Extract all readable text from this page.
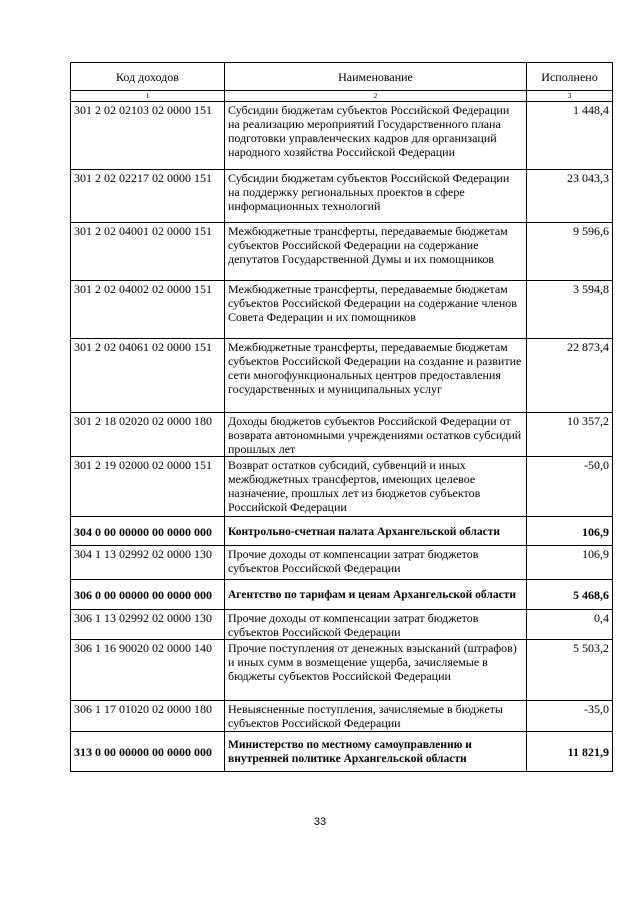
Код доходов	Наименование	Исполнено
1	2	3
301 2 02 02103 02 0000 151	Субсидии бюджетам субъектов Российской Федерации на реализацию мероприятий Государственного плана подготовки управленческих кадров для организаций народного хозяйства Российской Федерации	1 448,4
301 2 02 02217 02 0000 151	Субсидии бюджетам субъектов Российской Федерации на поддержку региональных проектов в сфере информационных технологий	23 043,3
301 2 02 04001 02 0000 151	Межбюджетные трансферты, передаваемые бюджетам субъектов Российской Федерации на содержание депутатов Государственной Думы и их помощников	9 596,6
301 2 02 04002 02 0000 151	Межбюджетные трансферты, передаваемые бюджетам субъектов Российской Федерации на содержание членов Совета Федерации и их помощников	3 594,8
301 2 02 04061 02 0000 151	Межбюджетные трансферты, передаваемые бюджетам субъектов Российской Федерации на создание и развитие сети многофункциональных центров предоставления государственных и муниципальных услуг	22 873,4
301 2 18 02020 02 0000 180	Доходы бюджетов субъектов Российской Федерации от возврата автономными учреждениями остатков субсидий прошлых лет	10 357,2
301 2 19 02000 02 0000 151	Возврат остатков субсидий, субвенций и иных межбюджетных трансфертов, имеющих целевое назначение, прошлых лет из бюджетов субъектов Российской Федерации	-50,0
304 0 00 00000 00 0000 000	Контрольно-счетная палата Архангельской области	106,9
304 1 13 02992 02 0000 130	Прочие доходы от компенсации затрат бюджетов субъектов Российской Федерации	106,9
306 0 00 00000 00 0000 000	Агентство по тарифам и ценам Архангельской области	5 468,6
306 1 13 02992 02 0000 130	Прочие доходы от компенсации затрат бюджетов субъектов Российской Федерации	0,4
306 1 16 90020 02 0000 140	Прочие поступления от денежных взысканий (штрафов) и иных сумм в возмещение ущерба, зачисляемые в бюджеты субъектов Российской Федерации	5 503,2
306 1 17 01020 02 0000 180	Невыясненные поступления, зачисляемые в бюджеты субъектов Российской Федерации	-35,0
313 0 00 00000 00 0000 000	Министерство по местному самоуправлению и внутренней политике Архангельской области	11 821,9
33
